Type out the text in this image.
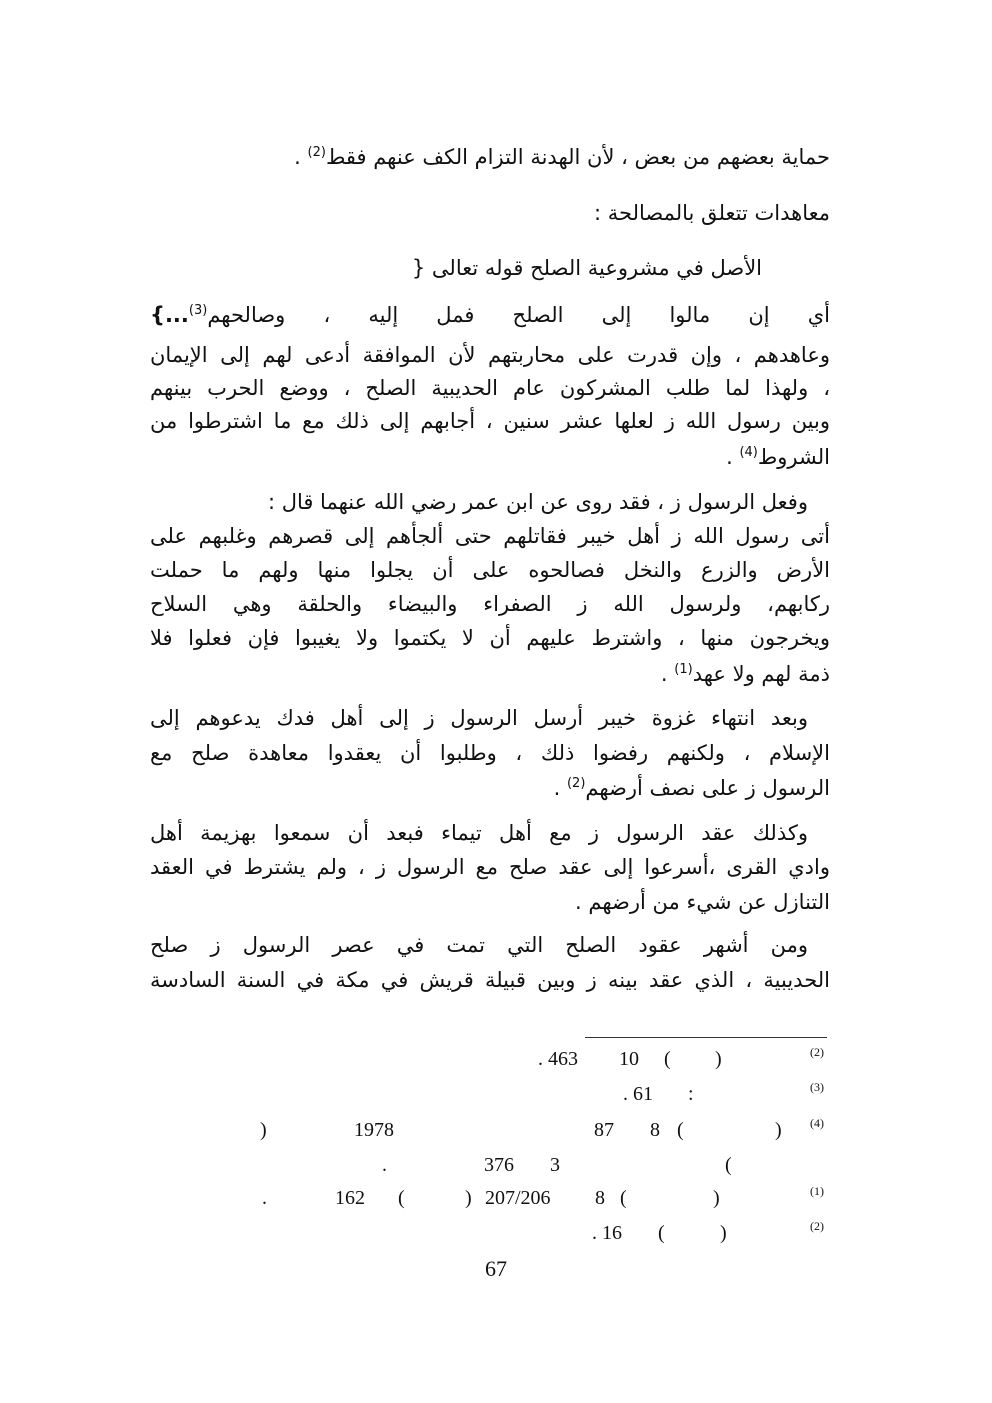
حماية بعضهم من بعض ، لأن الهدنة التزام الكف عنهم فقط$^{(2)}$ .
معاهدات تتعلق بالمصالحة :
الأصل في مشروعية الصلح قوله تعالى {
أي إن مالوا إلى الصلح فمل إليه ، وصالحهم$^{(3)}$...}
وعاهدهم ، وإن قدرت على محاربتهم لأن الموافقة أدعى لهم إلى الإيمان
، ولهذا لما طلب المشركون عام الحديبية الصلح ، ووضع الحرب بينهم
وبين رسول الله ز لعلها عشر سنين ، أجابهم إلى ذلك مع ما اشترطوا من
الشروط$^{(4)}$ .
وفعل الرسول ز ، فقد روى عن ابن عمر رضي الله عنهما قال :
أتى رسول الله ز أهل خيبر فقاتلهم حتى ألجأهم إلى قصرهم وغلبهم على
الأرض والزرع والنخل فصالحوه على أن يجلوا منها ولهم ما حملت
ركابهم، ولرسول الله ز الصفراء والبيضاء والحلقة وهي السلاح
ويخرجون منها ، واشترط عليهم أن لا يكتموا ولا يغيبوا فإن فعلوا فلا
ذمة لهم ولا عهد$^{(1)}$ .
وبعد انتهاء غزوة خيبر أرسل الرسول ز إلى أهل فدك يدعوهم إلى
الإسلام ، ولكنهم رفضوا ذلك ، وطلبوا أن يعقدوا معاهدة صلح مع
الرسول ز على نصف أرضهم$^{(2)}$ .
وكذلك عقد الرسول ز مع أهل تيماء فبعد أن سمعوا بهزيمة أهل
وادي القرى ،أسرعوا إلى عقد صلح مع الرسول ز ، ولم يشترط في العقد
التنازل عن شيء من أرضهم .
ومن أشهر عقود الصلح التي تمت في عصر الرسول ز صلح
الحديبية ، الذي عقد بينه ز وبين قبيلة قريش في مكة في السنة السادسة
(2)
. 463 10 ( )
(3)
. 61 :
(4)
)	1978	87 8 (	)
.	376 3	(
(1)
.	162 (	) 207/206 8 (	)
(2)
. 16 (	)
67
